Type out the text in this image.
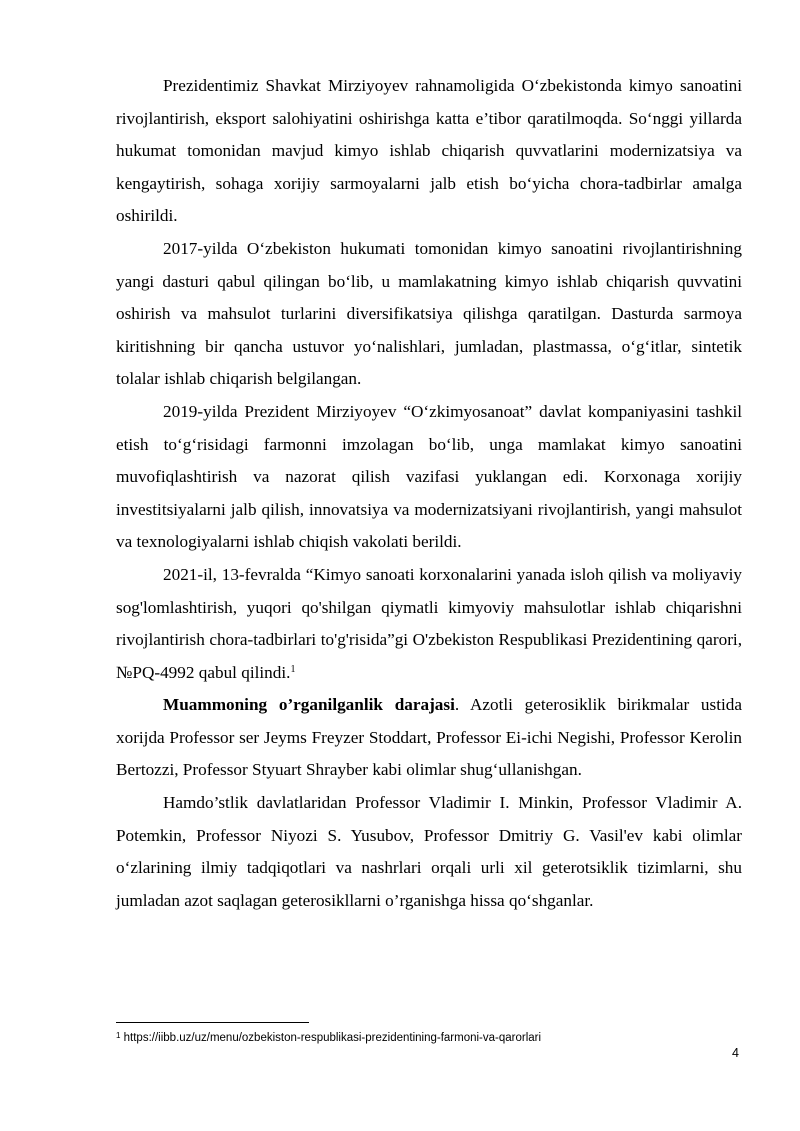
Prezidentimiz Shavkat Mirziyoyev rahnamoligida O‘zbekistonda kimyo sanoatini rivojlantirish, eksport salohiyatini oshirishga katta e’tibor qaratilmoqda. So‘nggi yillarda hukumat tomonidan mavjud kimyo ishlab chiqarish quvvatlarini modernizatsiya va kengaytirish, sohaga xorijiy sarmoyalarni jalb etish bo‘yicha chora-tadbirlar amalga oshirildi.

2017-yilda O‘zbekiston hukumati tomonidan kimyo sanoatini rivojlantirishning yangi dasturi qabul qilingan bo‘lib, u mamlakatning kimyo ishlab chiqarish quvvatini oshirish va mahsulot turlarini diversifikatsiya qilishga qaratilgan. Dasturda sarmoya kiritishning bir qancha ustuvor yo‘nalishlari, jumladan, plastmassa, o‘g‘itlar, sintetik tolalar ishlab chiqarish belgilangan.

2019-yilda Prezident Mirziyoyev “O‘zkimyosanoat” davlat kompaniyasini tashkil etish to‘g‘risidagi farmonni imzolagan bo‘lib, unga mamlakat kimyo sanoatini muvofiqlashtirish va nazorat qilish vazifasi yuklangan edi. Korxonaga xorijiy investitsiyalarni jalb qilish, innovatsiya va modernizatsiyani rivojlantirish, yangi mahsulot va texnologiyalarni ishlab chiqish vakolati berildi.

2021-il, 13-fevralda “Kimyo sanoati korxonalarini yanada isloh qilish va moliyaviy sog'lomlashtirish, yuqori qo'shilgan qiymatli kimyoviy mahsulotlar ishlab chiqarishni rivojlantirish chora-tadbirlari to'g'risida”gi O'zbekiston Respublikasi Prezidentining qarori, №PQ-4992 qabul qilindi.$^1$

Muammoning o’rganilganlik darajasi. Azotli geterosiklik birikmalar ustida xorijda Professor ser Jeyms Freyzer Stoddart, Professor Ei-ichi Negishi, Professor Kerolin Bertozzi, Professor Styuart Shrayber kabi olimlar shug‘ullanishgan.

Hamdo’stlik davlatlaridan Professor Vladimir I. Minkin, Professor Vladimir A. Potemkin, Professor Niyozi S. Yusubov, Professor Dmitriy G. Vasil'ev kabi olimlar o‘zlarining ilmiy tadqiqotlari va nashrlari orqali urli xil geterotsiklik tizimlarni, shu jumladan azot saqlagan geterosikllarni o’rganishga hissa qo‘shganlar.

$^1$ https://iibb.uz/uz/menu/ozbekiston-respublikasi-prezidentining-farmoni-va-qarorlari
4
